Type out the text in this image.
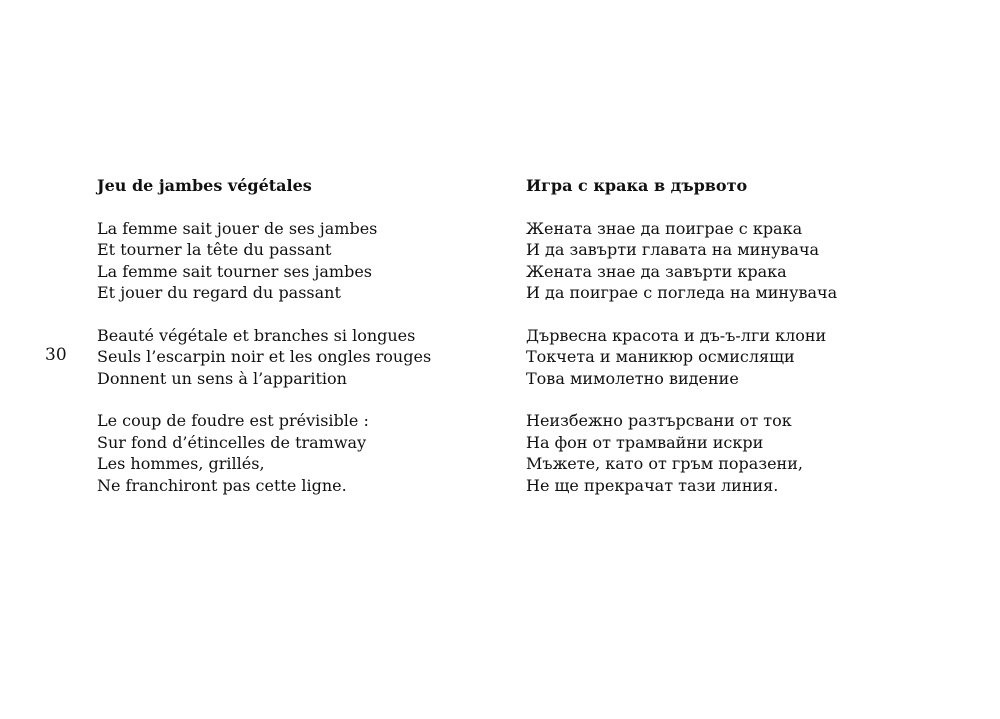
30
Jeu de jambes végétales
La femme sait jouer de ses jambes
Et tourner la tête du passant
La femme sait tourner ses jambes
Et jouer du regard du passant
Beauté végétale et branches si longues
Seuls l’escarpin noir et les ongles rouges
Donnent un sens à l’apparition
Le coup de foudre est prévisible :
Sur fond d’étincelles de tramway
Les hommes, grillés,
Ne franchiront pas cette ligne.
Игра с крака в дървото
Жената знае да поиграе с крака
И да завърти главата на минувача
Жената знае да завърти крака
И да поиграе с погледа на минувача
Дървесна красота и дъ-ъ-лги клони
Токчета и маникюр осмислящи
Това мимолетно видение
Неизбежно разтърсвани от ток
На фон от трамвайни искри
Мъжете, като от гръм поразени,
Не ще прекрачат тази линия.
